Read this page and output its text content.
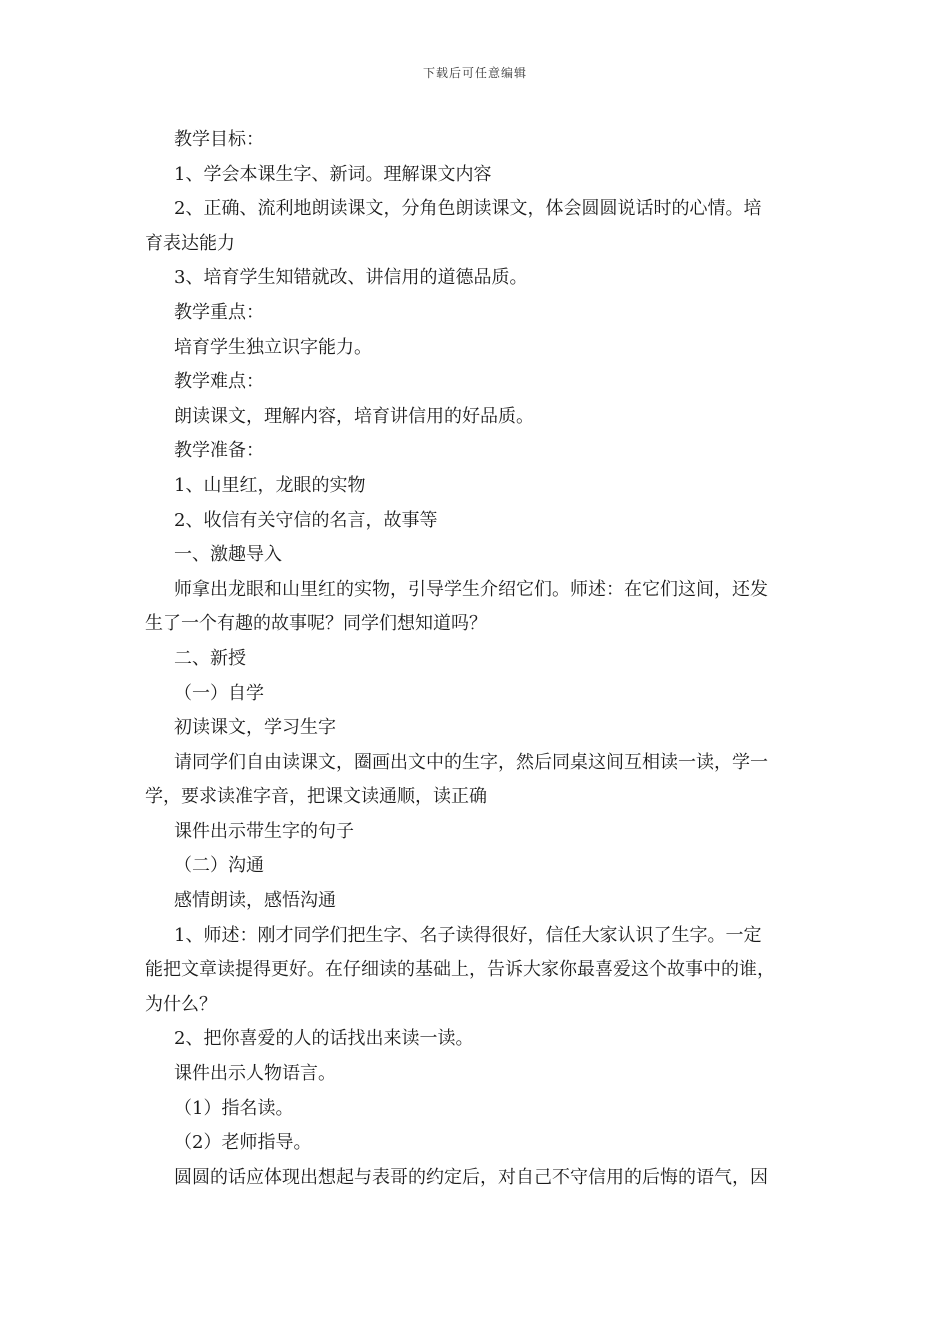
下载后可任意编辑
教学目标：
1、学会本课生字、新词。理解课文内容
2、正确、流利地朗读课文，分角色朗读课文，体会圆圆说话时的心情。培
育表达能力
3、培育学生知错就改、讲信用的道德品质。
教学重点：
培育学生独立识字能力。
教学难点：
朗读课文，理解内容，培育讲信用的好品质。
教学准备：
1、山里红，龙眼的实物
2、收信有关守信的名言，故事等
一、激趣导入
师拿出龙眼和山里红的实物，引导学生介绍它们。师述：在它们这间，还发
生了一个有趣的故事呢？同学们想知道吗？
二、新授
（一）自学
初读课文，学习生字
请同学们自由读课文，圈画出文中的生字，然后同桌这间互相读一读，学一
学，要求读准字音，把课文读通顺，读正确
课件出示带生字的句子
（二）沟通
感情朗读，感悟沟通
1、师述：刚才同学们把生字、名子读得很好，信任大家认识了生字。一定
能把文章读提得更好。在仔细读的基础上，告诉大家你最喜爱这个故事中的谁，
为什么？
2、把你喜爱的人的话找出来读一读。
课件出示人物语言。
（1）指名读。
（2）老师指导。
圆圆的话应体现出想起与表哥的约定后，对自己不守信用的后悔的语气，因
